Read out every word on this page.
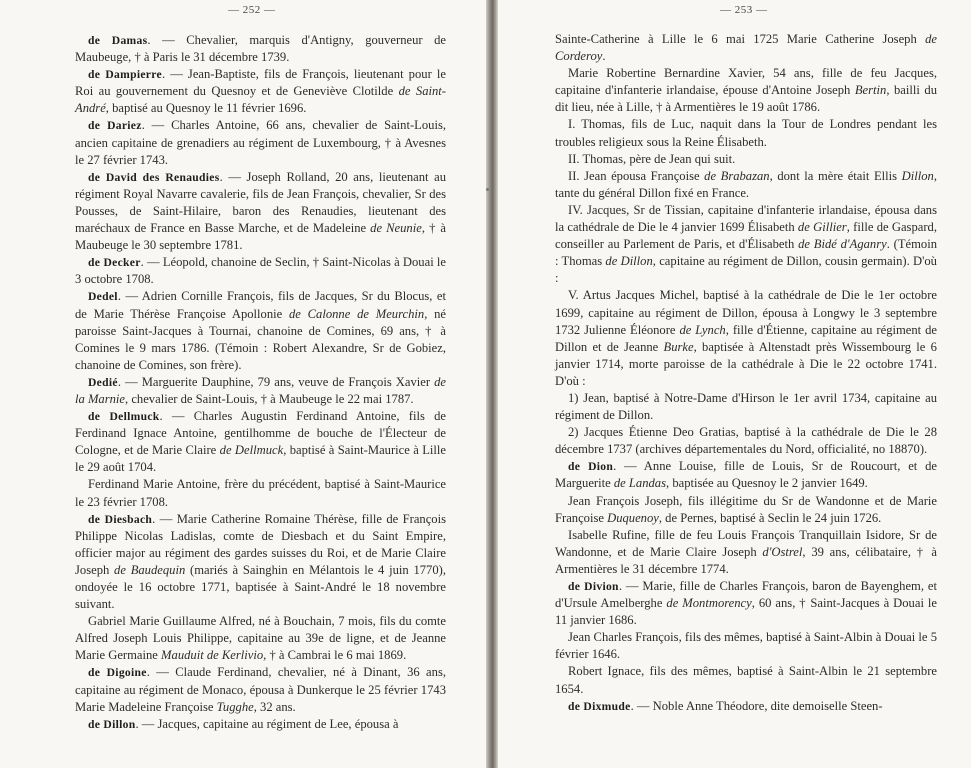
— 252 —

de Damas. — Chevalier, marquis d'Antigny, gouverneur de Maubeuge, † à Paris le 31 décembre 1739.

de Dampierre. — Jean-Baptiste, fils de François, lieutenant pour le Roi au gouvernement du Quesnoy et de Geneviève Clotilde de Saint-André, baptisé au Quesnoy le 11 février 1696.

de Dariez. — Charles Antoine, 66 ans, chevalier de Saint-Louis, ancien capitaine de grenadiers au régiment de Luxembourg, † à Avesnes le 27 février 1743.

de David des Renaudies. — Joseph Rolland, 20 ans, lieutenant au régiment Royal Navarre cavalerie, fils de Jean François, chevalier, Sr des Pousses, de Saint-Hilaire, baron des Renaudies, lieutenant des maréchaux de France en Basse Marche, et de Madeleine de Neunie, † à Maubeuge le 30 septembre 1781.

de Decker. — Léopold, chanoine de Seclin, † Saint-Nicolas à Douai le 3 octobre 1708.

Dedel. — Adrien Cornille François, fils de Jacques, Sr du Blocus, et de Marie Thérèse Françoise Apollonie de Calonne de Meurchin, né paroisse Saint-Jacques à Tournai, chanoine de Comines, 69 ans, † à Comines le 9 mars 1786. (Témoin : Robert Alexandre, Sr de Gobiez, chanoine de Comines, son frère).

Dedié. — Marguerite Dauphine, 79 ans, veuve de François Xavier de la Marnie, chevalier de Saint-Louis, † à Maubeuge le 22 mai 1787.

de Dellmuck. — Charles Augustin Ferdinand Antoine, fils de Ferdinand Ignace Antoine, gentilhomme de bouche de l'Électeur de Cologne, et de Marie Claire de Dellmuck, baptisé à Saint-Maurice à Lille le 29 août 1704.

Ferdinand Marie Antoine, frère du précédent, baptisé à Saint-Maurice le 23 février 1708.

de Diesbach. — Marie Catherine Romaine Thérèse, fille de François Philippe Nicolas Ladislas, comte de Diesbach et du Saint Empire, officier major au régiment des gardes suisses du Roi, et de Marie Claire Joseph de Baudequin (mariés à Sainghin en Mélantois le 4 juin 1770), ondoyée le 16 octobre 1771, baptisée à Saint-André le 18 novembre suivant.

Gabriel Marie Guillaume Alfred, né à Bouchain, 7 mois, fils du comte Alfred Joseph Louis Philippe, capitaine au 39e de ligne, et de Jeanne Marie Germaine Mauduit de Kerlivio, † à Cambrai le 6 mai 1869.

de Digoine. — Claude Ferdinand, chevalier, né à Dinant, 36 ans, capitaine au régiment de Monaco, épousa à Dunkerque le 25 février 1743 Marie Madeleine Françoise Tugghe, 32 ans.

de Dillon. — Jacques, capitaine au régiment de Lee, épousa à

— 253 —

Sainte-Catherine à Lille le 6 mai 1725 Marie Catherine Joseph de Corderoy.

Marie Robertine Bernardine Xavier, 54 ans, fille de feu Jacques, capitaine d'infanterie irlandaise, épouse d'Antoine Joseph Bertin, bailli du dit lieu, née à Lille, † à Armentières le 19 août 1786.

I. Thomas, fils de Luc, naquit dans la Tour de Londres pendant les troubles religieux sous la Reine Élisabeth.

II. Thomas, père de Jean qui suit.

II. Jean épousa Françoise de Brabazan, dont la mère était Ellis Dillon, tante du général Dillon fixé en France.

IV. Jacques, Sr de Tissian, capitaine d'infanterie irlandaise, épousa dans la cathédrale de Die le 4 janvier 1699 Élisabeth de Gillier, fille de Gaspard, conseiller au Parlement de Paris, et d'Élisabeth de Bidé d'Aganry. (Témoin : Thomas de Dillon, capitaine au régiment de Dillon, cousin germain). D'où :

V. Artus Jacques Michel, baptisé à la cathédrale de Die le 1er octobre 1699, capitaine au régiment de Dillon, épousa à Longwy le 3 septembre 1732 Julienne Éléonore de Lynch, fille d'Étienne, capitaine au régiment de Dillon et de Jeanne Burke, baptisée à Altenstadt près Wissembourg le 6 janvier 1714, morte paroisse de la cathédrale à Die le 22 octobre 1741. D'où :

1) Jean, baptisé à Notre-Dame d'Hirson le 1er avril 1734, capitaine au régiment de Dillon.

2) Jacques Étienne Deo Gratias, baptisé à la cathédrale de Die le 28 décembre 1737 (archives départementales du Nord, officialité, no 18870).

de Dion. — Anne Louise, fille de Louis, Sr de Roucourt, et de Marguerite de Landas, baptisée au Quesnoy le 2 janvier 1649.

Jean François Joseph, fils illégitime du Sr de Wandonne et de Marie Françoise Duquenoy, de Pernes, baptisé à Seclin le 24 juin 1726.

Isabelle Rufine, fille de feu Louis François Tranquillain Isidore, Sr de Wandonne, et de Marie Claire Joseph d'Ostrel, 39 ans, célibataire, † à Armentières le 31 décembre 1774.

de Divion. — Marie, fille de Charles François, baron de Bayenghem, et d'Ursule Amelberghe de Montmorency, 60 ans, † Saint-Jacques à Douai le 11 janvier 1686.

Jean Charles François, fils des mêmes, baptisé à Saint-Albin à Douai le 5 février 1646.

Robert Ignace, fils des mêmes, baptisé à Saint-Albin le 21 septembre 1654.

de Dixmude. — Noble Anne Théodore, dite demoiselle Steen-
